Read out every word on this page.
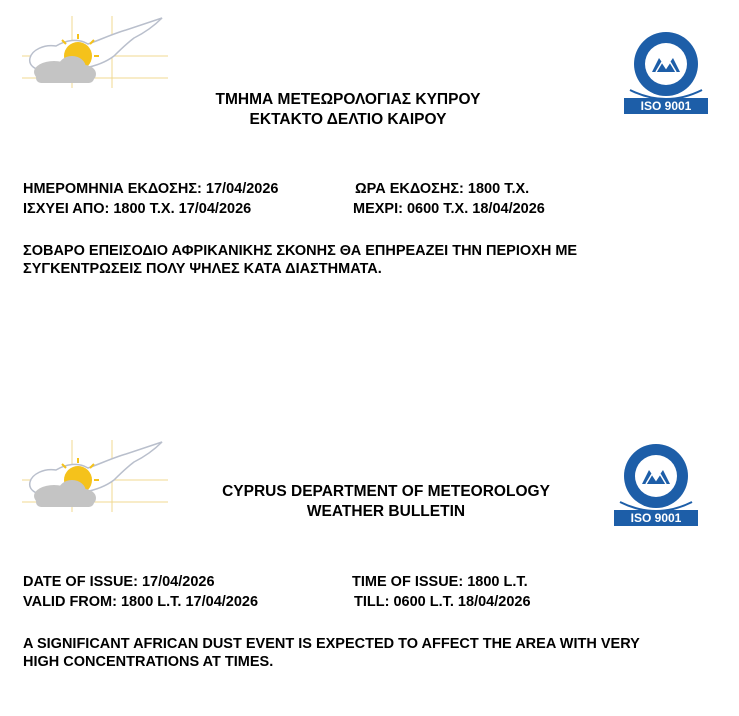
ISO 9001
ΤΜΗΜΑ ΜΕΤΕΩΡΟΛΟΓΙΑΣ ΚΥΠΡΟΥ
ΕΚΤΑΚΤΟ ΔΕΛΤΙΟ ΚΑΙΡΟΥ
ΗΜΕΡΟΜΗΝΙΑ ΕΚΔΟΣΗΣ: 17/04/2026	ΩΡΑ ΕΚΔΟΣΗΣ: 1800 Τ.Χ.
ΙΣΧΥΕΙ ΑΠΟ: 1800 Τ.Χ. 17/04/2026	ΜΕΧΡΙ: 0600 Τ.Χ. 18/04/2026
ΣΟΒΑΡΟ ΕΠΕΙΣΟΔΙΟ ΑΦΡΙΚΑΝΙΚΗΣ ΣΚΟΝΗΣ ΘΑ ΕΠΗΡΕΑΖΕΙ ΤΗΝ ΠΕΡΙΟΧΗ ΜΕ
ΣΥΓΚΕΝΤΡΩΣΕΙΣ ΠΟΛΥ ΨΗΛΕΣ ΚΑΤΑ ΔΙΑΣΤΗΜΑΤΑ.
ISO 9001
CYPRUS DEPARTMENT OF METEOROLOGY
WEATHER BULLETIN
DATE OF ISSUE: 17/04/2026	TIME OF ISSUE: 1800 L.T.
VALID FROM: 1800 L.T. 17/04/2026	TILL: 0600 L.T. 18/04/2026
A SIGNIFICANT AFRICAN DUST EVENT IS EXPECTED TO AFFECT THE AREA WITH VERY
HIGH CONCENTRATIONS AT TIMES.
